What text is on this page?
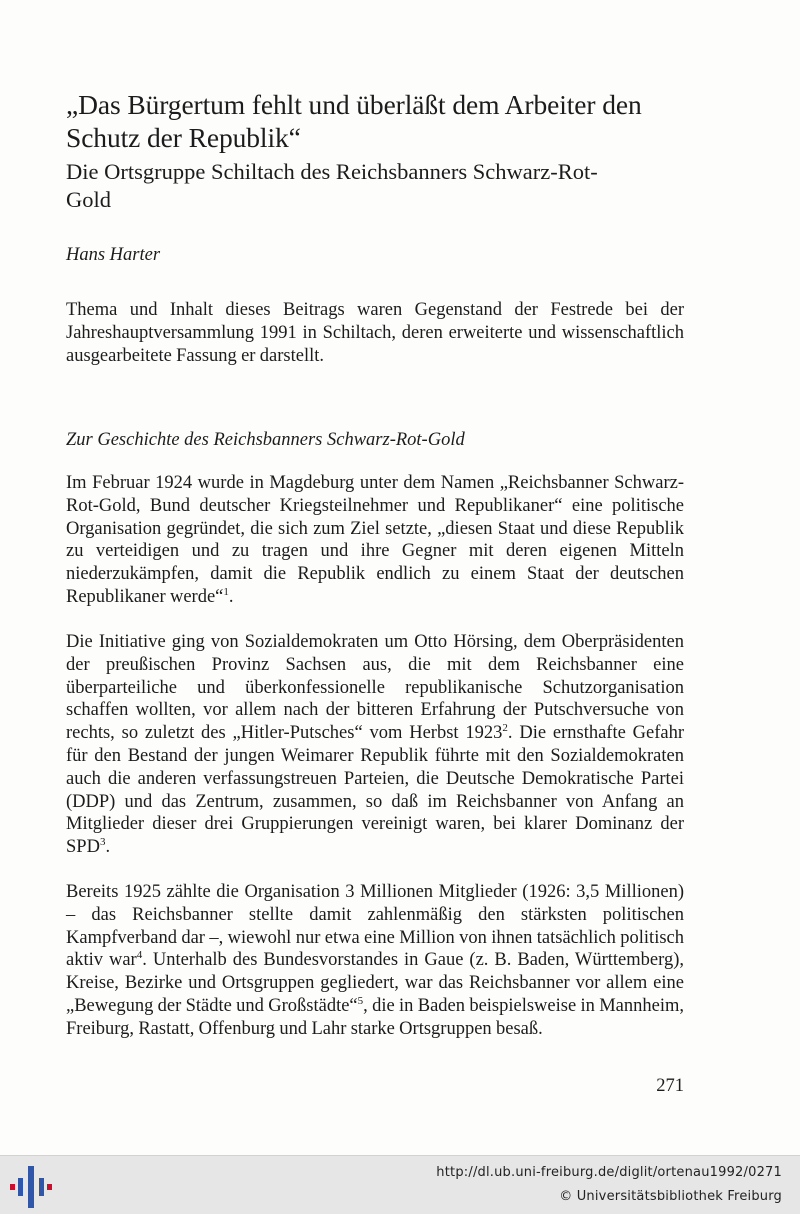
„Das Bürgertum fehlt und überläßt dem Arbeiter den
Schutz der Republik“
Die Ortsgruppe Schiltach des Reichsbanners Schwarz-Rot-
Gold

Hans Harter

Thema und Inhalt dieses Beitrags waren Gegenstand der Festrede bei der Jahreshauptversammlung 1991 in Schiltach, deren erweiterte und wissenschaftlich ausgearbeitete Fassung er darstellt.

Zur Geschichte des Reichsbanners Schwarz-Rot-Gold

Im Februar 1924 wurde in Magdeburg unter dem Namen „Reichsbanner Schwarz-Rot-Gold, Bund deutscher Kriegsteilnehmer und Republikaner“ eine politische Organisation gegründet, die sich zum Ziel setzte, „diesen Staat und diese Republik zu verteidigen und zu tragen und ihre Gegner mit deren eigenen Mitteln niederzukämpfen, damit die Republik endlich zu einem Staat der deutschen Republikaner werde“$^1$.

Die Initiative ging von Sozialdemokraten um Otto Hörsing, dem Oberpräsidenten der preußischen Provinz Sachsen aus, die mit dem Reichsbanner eine überparteiliche und überkonfessionelle republikanische Schutzorganisation schaffen wollten, vor allem nach der bitteren Erfahrung der Putschversuche von rechts, so zuletzt des „Hitler-Putsches“ vom Herbst 1923$^2$. Die ernsthafte Gefahr für den Bestand der jungen Weimarer Republik führte mit den Sozialdemokraten auch die anderen verfassungstreuen Parteien, die Deutsche Demokratische Partei (DDP) und das Zentrum, zusammen, so daß im Reichsbanner von Anfang an Mitglieder dieser drei Gruppierungen vereinigt waren, bei klarer Dominanz der SPD$^3$.

Bereits 1925 zählte die Organisation 3 Millionen Mitglieder (1926: 3,5 Millionen) – das Reichsbanner stellte damit zahlenmäßig den stärksten politischen Kampfverband dar –, wiewohl nur etwa eine Million von ihnen tatsächlich politisch aktiv war$^4$. Unterhalb des Bundesvorstandes in Gaue (z. B. Baden, Württemberg), Kreise, Bezirke und Ortsgruppen gegliedert, war das Reichsbanner vor allem eine „Bewegung der Städte und Großstädte“$^5$, die in Baden beispielsweise in Mannheim, Freiburg, Rastatt, Offenburg und Lahr starke Ortsgruppen besaß.

271
http://dl.ub.uni-freiburg.de/diglit/ortenau1992/0271
© Universitätsbibliothek Freiburg
